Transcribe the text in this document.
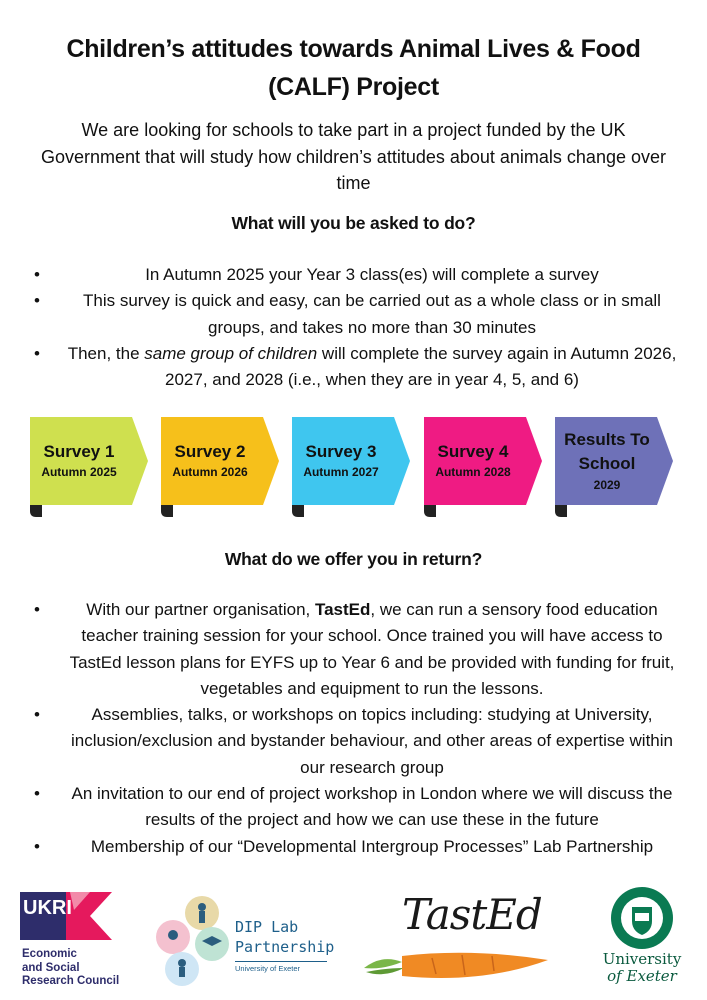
Children’s attitudes towards Animal Lives & Food (CALF) Project
We are looking for schools to take part in a project funded by the UK Government that will study how children’s attitudes about animals change over time
What will you be asked to do?
•	In Autumn 2025 your Year 3 class(es) will complete a survey
•	This survey is quick and easy, can be carried out as a whole class or in small groups, and takes no more than 30 minutes
•	Then, the same group of children will complete the survey again in Autumn 2026, 2027, and 2028 (i.e., when they are in year 4, 5, and 6)
Survey 1
Autumn 2025
Survey 2
Autumn 2026
Survey 3
Autumn 2027
Survey 4
Autumn 2028
Results To School
2029
What do we offer you in return?
•	With our partner organisation, TastEd, we can run a sensory food education teacher training session for your school. Once trained you will have access to TastEd lesson plans for EYFS up to Year 6 and be provided with funding for fruit, vegetables and equipment to run the lessons.
•	Assemblies, talks, or workshops on topics including: studying at University, inclusion/exclusion and bystander behaviour, and other areas of expertise within our research group
•	An invitation to our end of project workshop in London where we will discuss the results of the project and how we can use these in the future
•	Membership of our “Developmental Intergroup Processes” Lab Partnership
UKRI
Economic
and Social
Research Council
DIP Lab
Partnership
University of Exeter
TastEd
University
of Exeter
